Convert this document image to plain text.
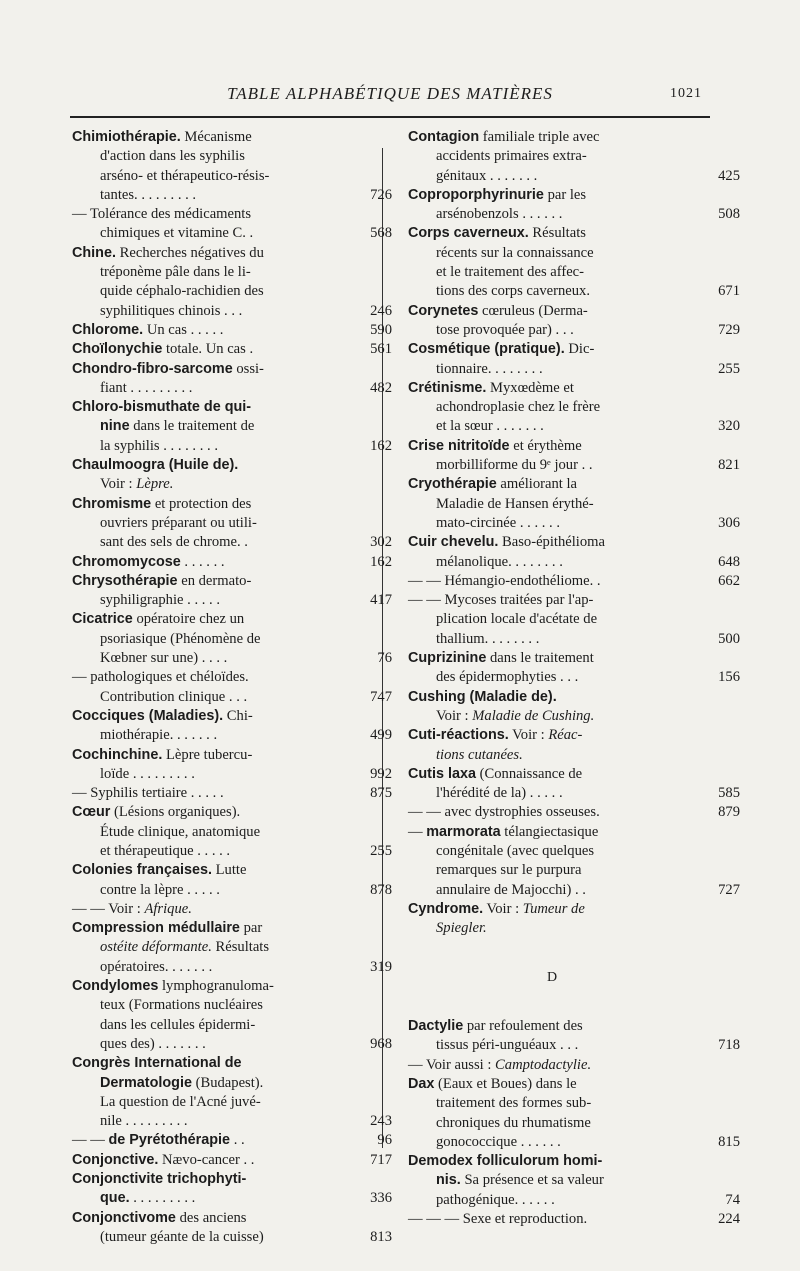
TABLE ALPHABÉTIQUE DES MATIÈRES	1021
Chimiothérapie. Mécanisme
d'action dans les syphilis
arséno- et thérapeutico-résis-
tantes. . . . . . . . .	726
— Tolérance des médicaments
chimiques et vitamine C. .	568
Chine. Recherches négatives du
tréponème pâle dans le li-
quide céphalo-rachidien des
syphilitiques chinois . . .	246
Chlorome. Un cas . . . . .	590
Choïlonychie totale. Un cas .	561
Chondro-fibro-sarcome ossi-
fiant . . . . . . . . .	482
Chloro-bismuthate de qui-
nine dans le traitement de
la syphilis . . . . . . . .	162
Chaulmoogra (Huile de).
Voir : Lèpre.
Chromisme et protection des
ouvriers préparant ou utili-
sant des sels de chrome. .	302
Chromomycose . . . . . .	162
Chrysothérapie en dermato-
syphiligraphie . . . . .	417
Cicatrice opératoire chez un
psoriasique (Phénomène de
Kœbner sur une) . . . .	76
— pathologiques et chéloïdes.
Contribution clinique . . .	747
Cocciques (Maladies). Chi-
miothérapie. . . . . . .	499
Cochinchine. Lèpre tubercu-
loïde . . . . . . . . .	992
— Syphilis tertiaire . . . . .	875
Cœur (Lésions organiques).
Étude clinique, anatomique
et thérapeutique . . . . .	255
Colonies françaises. Lutte
contre la lèpre . . . . .	878
— — Voir : Afrique.
Compression médullaire par
ostéite déformante. Résultats
opératoires. . . . . . .	319
Condylomes lymphogranuloma-
teux (Formations nucléaires
dans les cellules épidermi-
ques des) . . . . . . .	968
Congrès International de
Dermatologie (Budapest).
La question de l'Acné juvé-
nile . . . . . . . . .	243
— — de Pyrétothérapie . .	96
Conjonctive. Nævo-cancer . .	717
Conjonctivite trichophyti-
que. . . . . . . . . .	336
Conjonctivome des anciens
(tumeur géante de la cuisse)	813
Contagion familiale triple avec
accidents primaires extra-
génitaux . . . . . . .	425
Coproporphyrinurie par les
arsénobenzols . . . . . .	508
Corps caverneux. Résultats
récents sur la connaissance
et le traitement des affec-
tions des corps caverneux.	671
Corynetes cœruleus (Derma-
tose provoquée par) . . .	729
Cosmétique (pratique). Dic-
tionnaire. . . . . . . .	255
Crétinisme. Myxœdème et
achondroplasie chez le frère
et la sœur . . . . . . .	320
Crise nitritoïde et érythème
morbilliforme du 9ᵉ jour . .	821
Cryothérapie améliorant la
Maladie de Hansen érythé-
mato-circinée . . . . . .	306
Cuir chevelu. Baso-épithélioma
mélanolique. . . . . . . .	648
— — Hémangio-endothéliome. .	662
— — Mycoses traitées par l'ap-
plication locale d'acétate de
thallium. . . . . . . .	500
Cuprizinine dans le traitement
des épidermophyties . . .	156
Cushing (Maladie de).
Voir : Maladie de Cushing.
Cuti-réactions. Voir : Réac-
tions cutanées.
Cutis laxa (Connaissance de
l'hérédité de la) . . . . .	585
— — avec dystrophies osseuses.	879
— marmorata télangiectasique
congénitale (avec quelques
remarques sur le purpura
annulaire de Majocchi) . .	727
Cyndrome. Voir : Tumeur de
Spiegler.
D
Dactylie par refoulement des
tissus péri-unguéaux . . .	718
— Voir aussi : Camptodactylie.
Dax (Eaux et Boues) dans le
traitement des formes sub-
chroniques du rhumatisme
gonococcique . . . . . .	815
Demodex folliculorum homi-
nis. Sa présence et sa valeur
pathogénique. . . . . .	74
— — — Sexe et reproduction.	224
